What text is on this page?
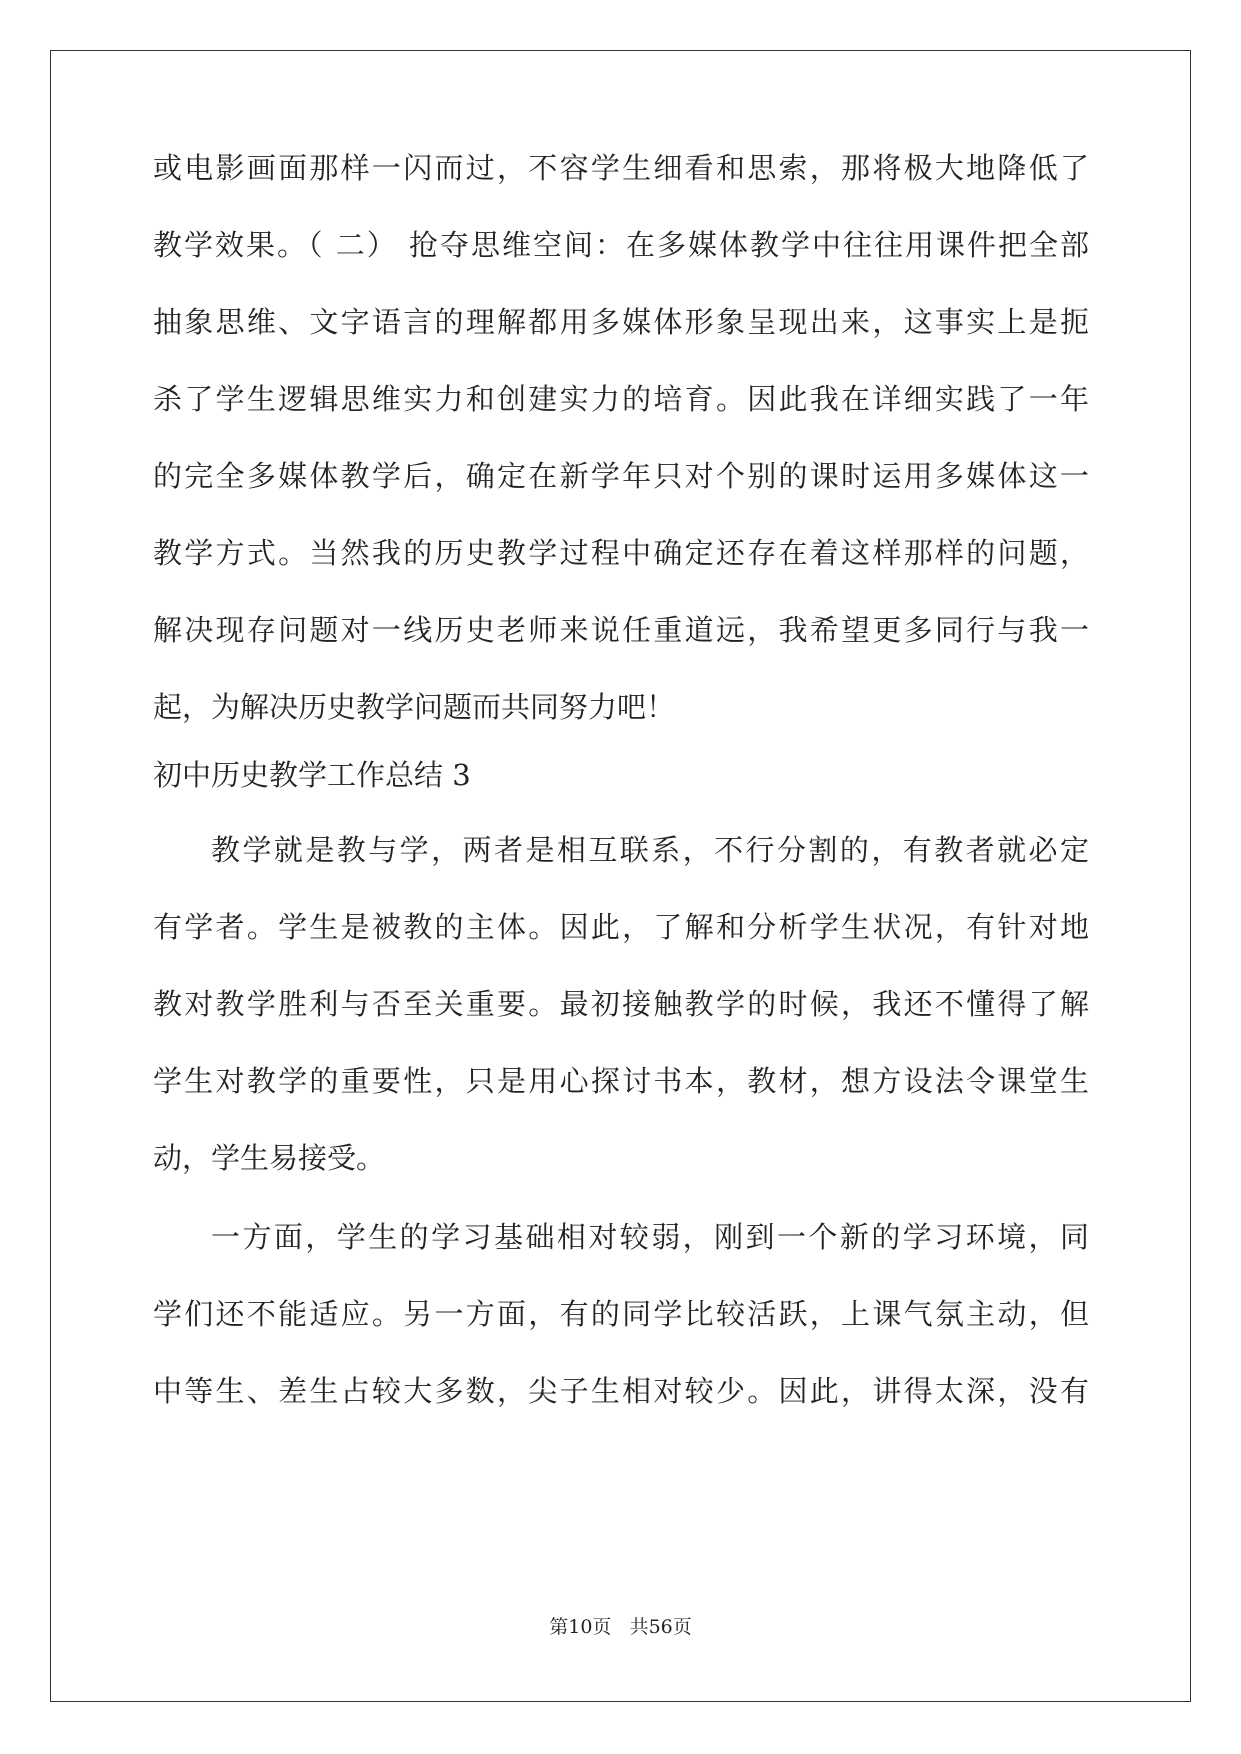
或电影画面那样一闪而过，不容学生细看和思索，那将极大地降低了
教学效果。（ 二） 抢夺思维空间：在多媒体教学中往往用课件把全部
抽象思维、文字语言的理解都用多媒体形象呈现出来，这事实上是扼
杀了学生逻辑思维实力和创建实力的培育。因此我在详细实践了一年
的完全多媒体教学后，确定在新学年只对个别的课时运用多媒体这一
教学方式。当然我的历史教学过程中确定还存在着这样那样的问题，
解决现存问题对一线历史老师来说任重道远，我希望更多同行与我一
起，为解决历史教学问题而共同努力吧！
初中历史教学工作总结 3
教学就是教与学，两者是相互联系，不行分割的，有教者就必定
有学者。学生是被教的主体。因此，了解和分析学生状况，有针对地
教对教学胜利与否至关重要。最初接触教学的时候，我还不懂得了解
学生对教学的重要性，只是用心探讨书本，教材，想方设法令课堂生
动，学生易接受。
一方面，学生的学习基础相对较弱，刚到一个新的学习环境，同
学们还不能适应。另一方面，有的同学比较活跃，上课气氛主动，但
中等生、差生占较大多数，尖子生相对较少。因此，讲得太深，没有
第10页 共56页
